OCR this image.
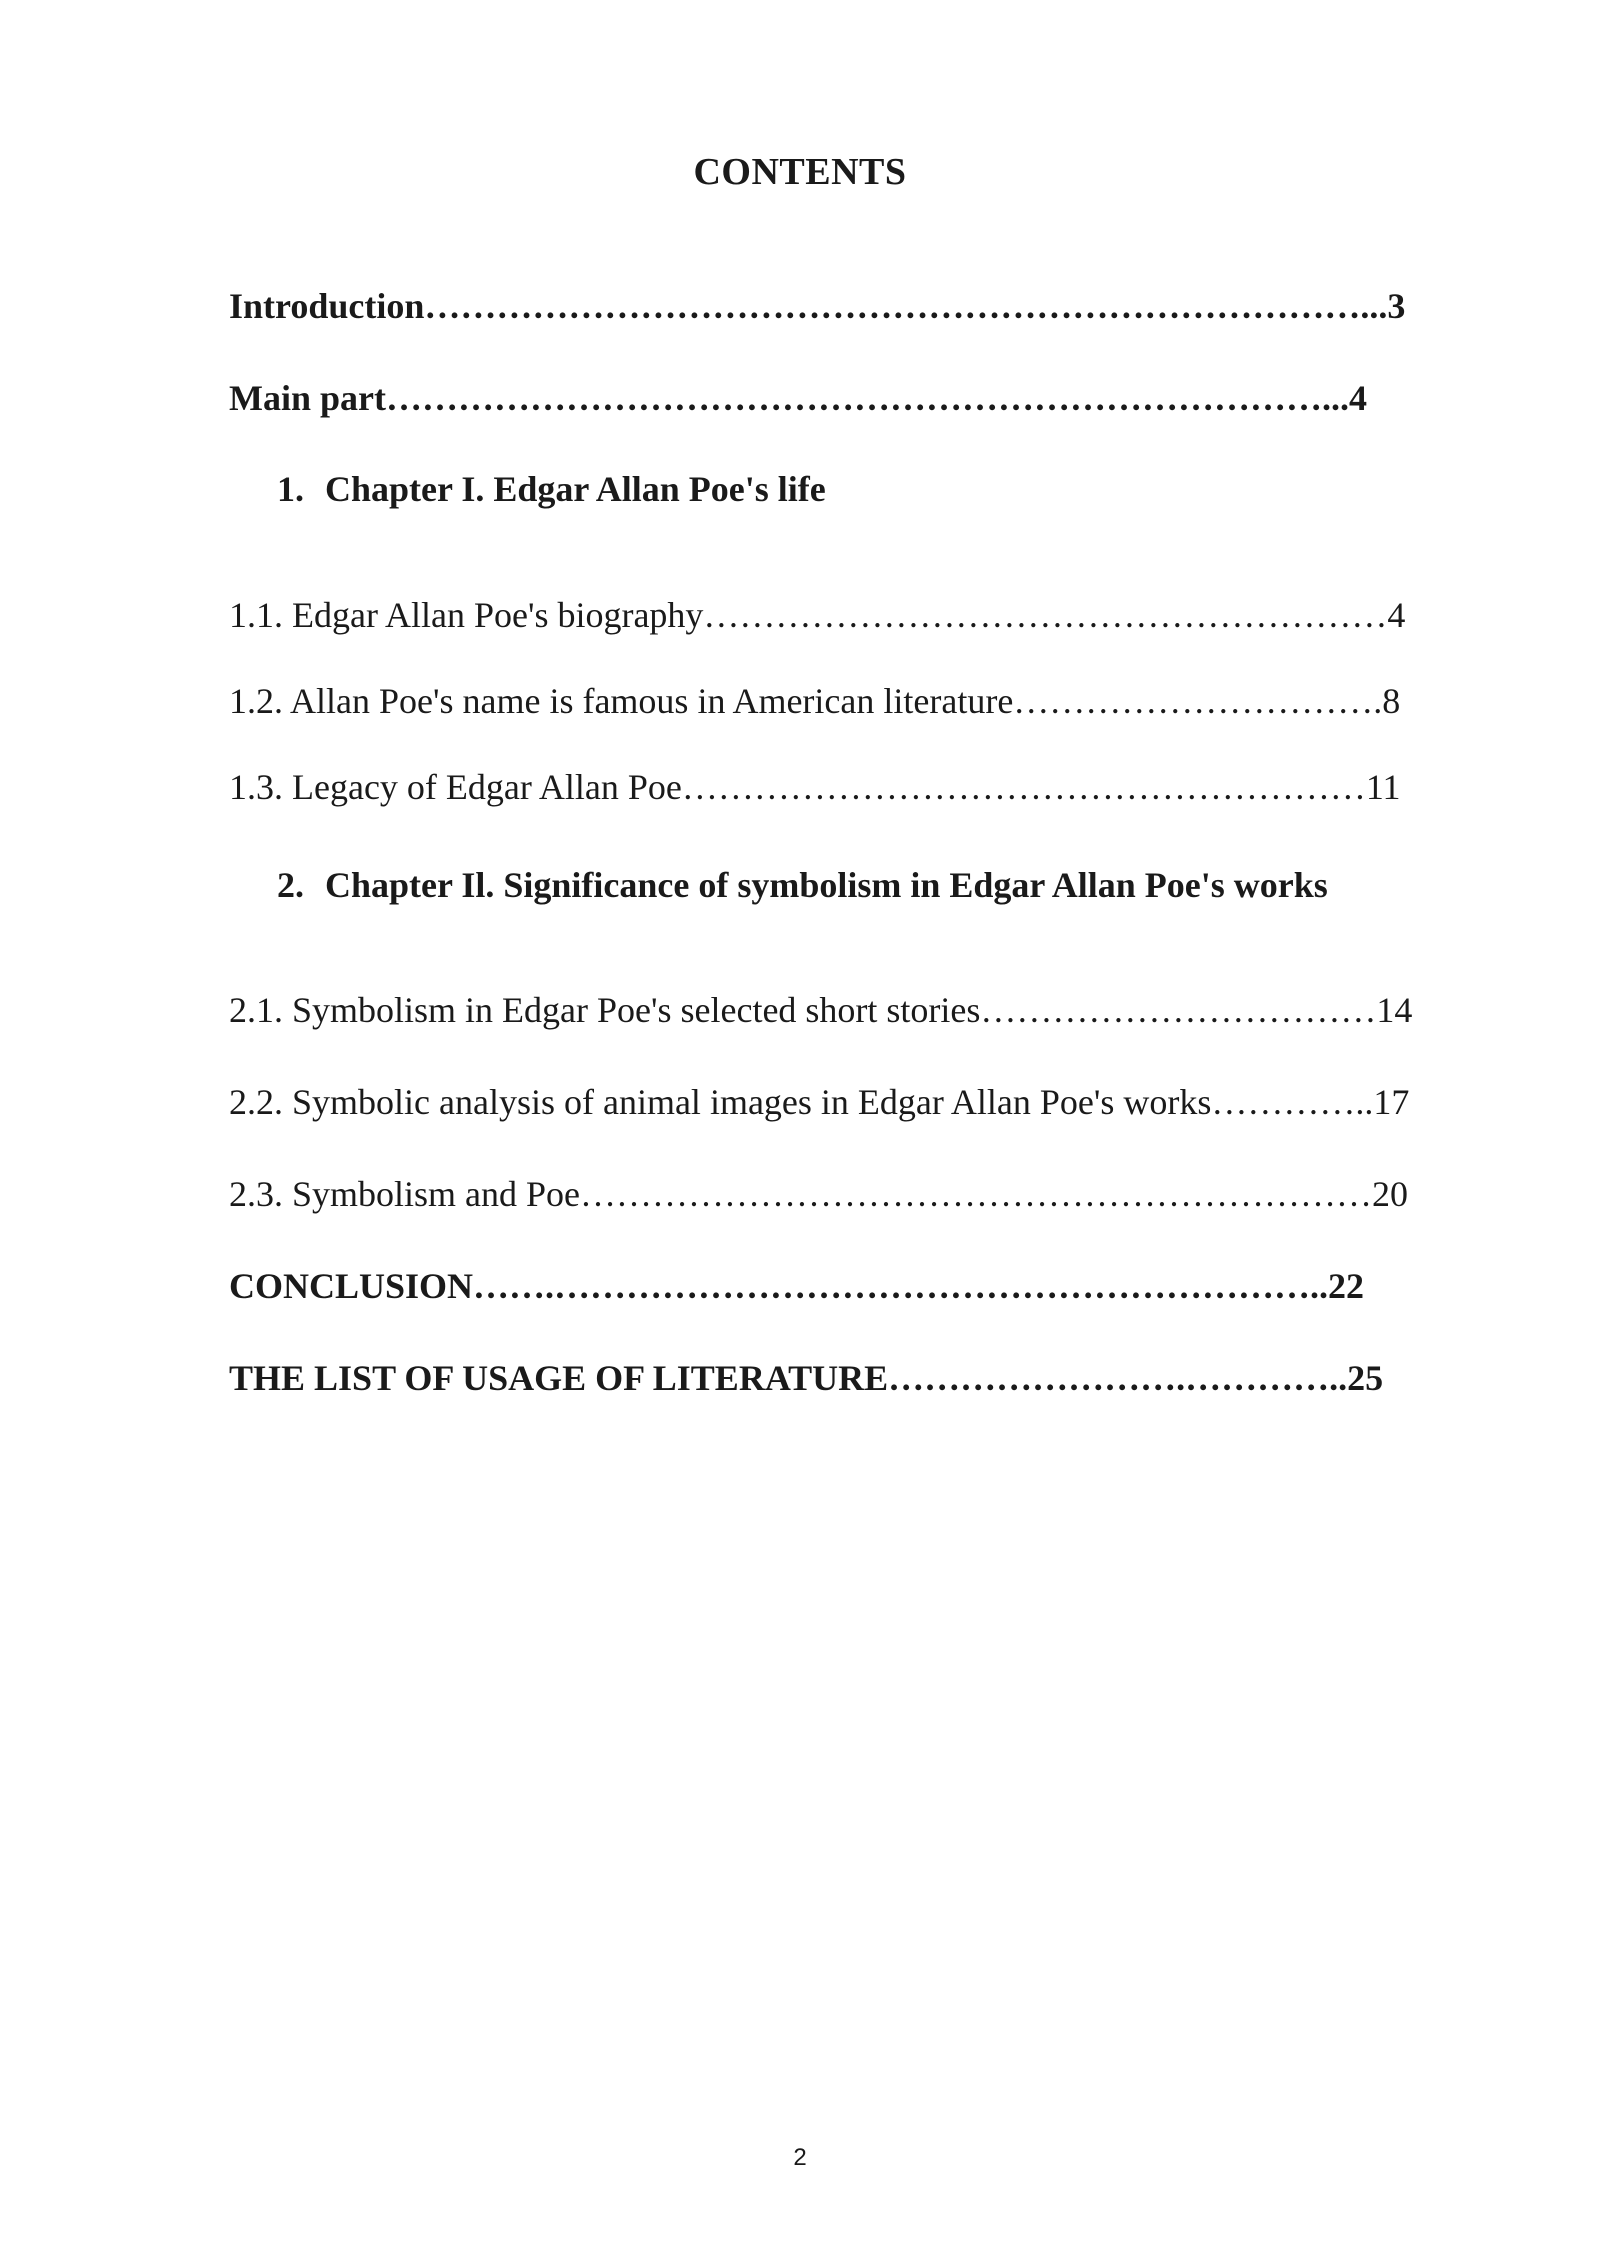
CONTENTS
Introduction……………………………………………………………………...3
Main part……………………………………………………………………...4
1. Chapter I. Edgar Allan Poe's life
1.1. Edgar Allan Poe's biography…………………………………………………4
1.2. Allan Poe's name is famous in American literature………………………….8
1.3. Legacy of Edgar Allan Poe…………………………………………………11
2. Chapter Il. Significance of symbolism in Edgar Allan Poe's works
2.1. Symbolism in Edgar Poe's selected short stories……………………………14
2.2. Symbolic analysis of animal images in Edgar Allan Poe's works…………..17
2.3. Symbolism and Poe…………………………………………………………20
CONCLUSION…….………………………………………………………..22
THE LIST OF USAGE OF LITERATURE…………………….…………..25
2
